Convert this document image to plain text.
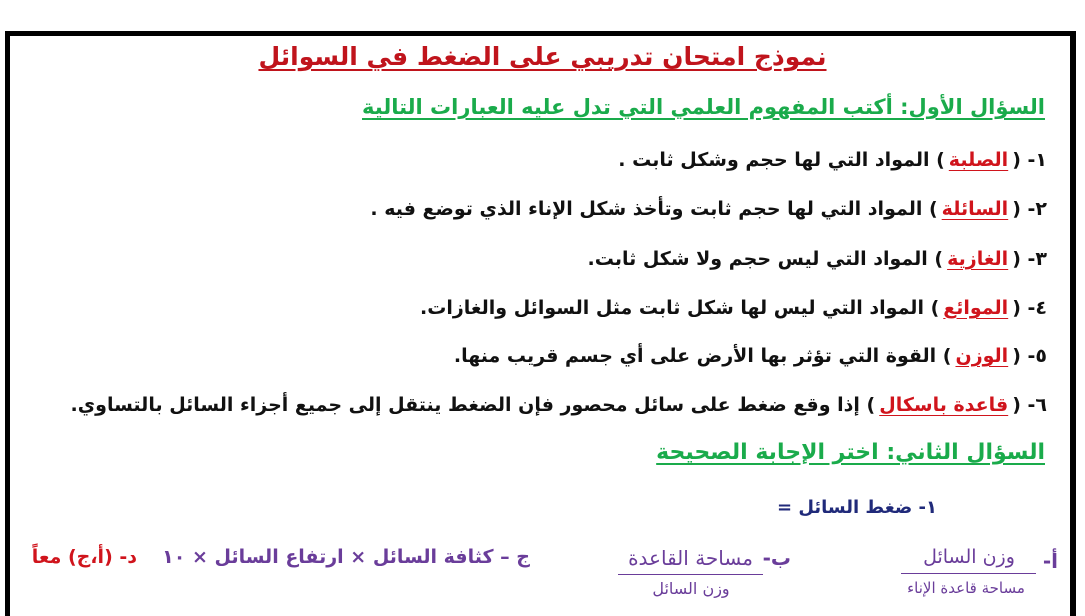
نموذج امتحان تدريبي على الضغط في السوائل
السؤال الأول: أكتب المفهوم العلمي التي تدل عليه العبارات التالية
١- (الصلبة) المواد التي لها حجم وشكل ثابت .
٢- (السائلة) المواد التي لها حجم ثابت وتأخذ شكل الإناء الذي توضع فيه .
٣- (الغازية) المواد التي ليس حجم ولا شكل ثابت.
٤- (الموائع) المواد التي ليس لها شكل ثابت مثل السوائل والغازات.
٥- (الوزن) القوة التي تؤثر بها الأرض على أي جسم قريب منها.
٦- (قاعدة باسكال) إذا وقع ضغط على سائل محصور فإن الضغط ينتقل إلى جميع أجزاء السائل بالتساوي.
السؤال الثاني: اختر الإجابة الصحيحة
١- ضغط السائل =
أ-
وزن السائل
مساحة قاعدة الإناء
ب-
مساحة القاعدة
وزن السائل
ج – كثافة السائل × ارتفاع السائل × ١٠
د- (أ،ج) معاً
